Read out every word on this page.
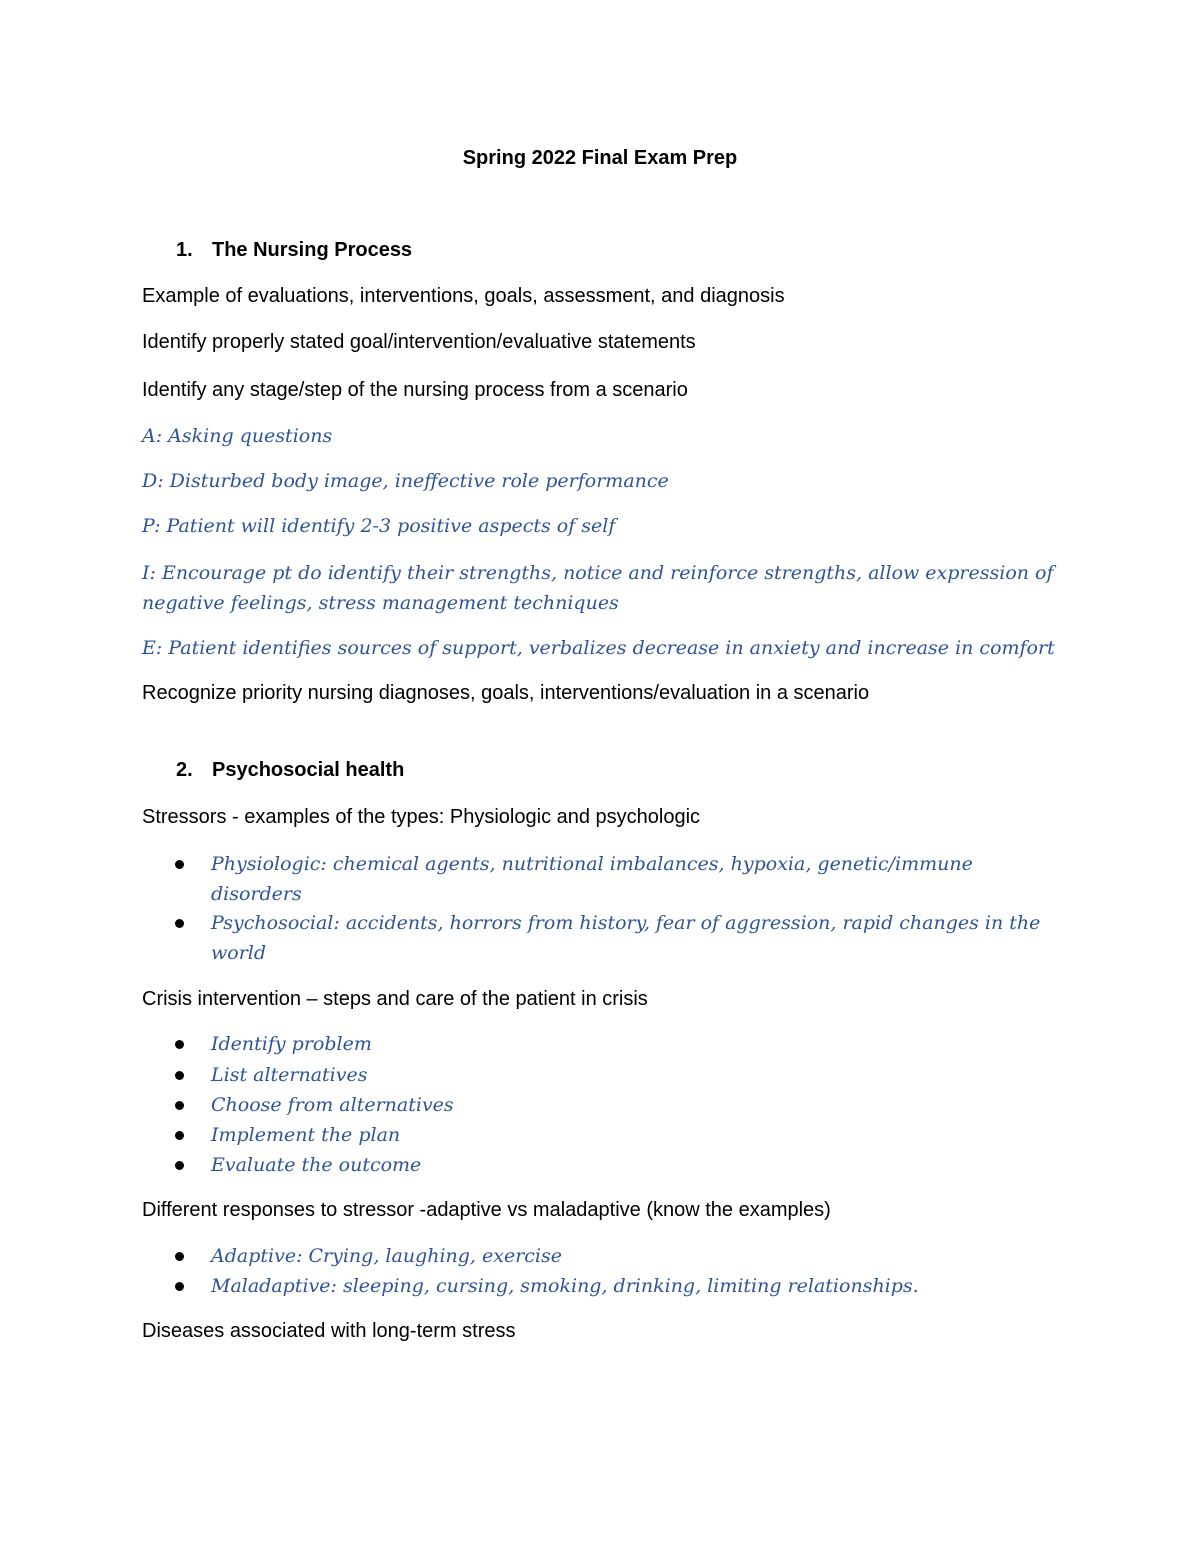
Spring 2022 Final Exam Prep
1. The Nursing Process
Example of evaluations, interventions, goals, assessment, and diagnosis
Identify properly stated goal/intervention/evaluative statements
Identify any stage/step of the nursing process from a scenario
A: Asking questions
D: Disturbed body image, ineffective role performance
P: Patient will identify 2-3 positive aspects of self
I: Encourage pt do identify their strengths, notice and reinforce strengths, allow expression of negative feelings, stress management techniques
E: Patient identifies sources of support, verbalizes decrease in anxiety and increase in comfort
Recognize priority nursing diagnoses, goals, interventions/evaluation in a scenario
2. Psychosocial health
Stressors - examples of the types: Physiologic and psychologic
Physiologic: chemical agents, nutritional imbalances, hypoxia, genetic/immune disorders
Psychosocial: accidents, horrors from history, fear of aggression, rapid changes in the world
Crisis intervention – steps and care of the patient in crisis
Identify problem
List alternatives
Choose from alternatives
Implement the plan
Evaluate the outcome
Different responses to stressor -adaptive vs maladaptive (know the examples)
Adaptive: Crying, laughing, exercise
Maladaptive: sleeping, cursing, smoking, drinking, limiting relationships.
Diseases associated with long-term stress
